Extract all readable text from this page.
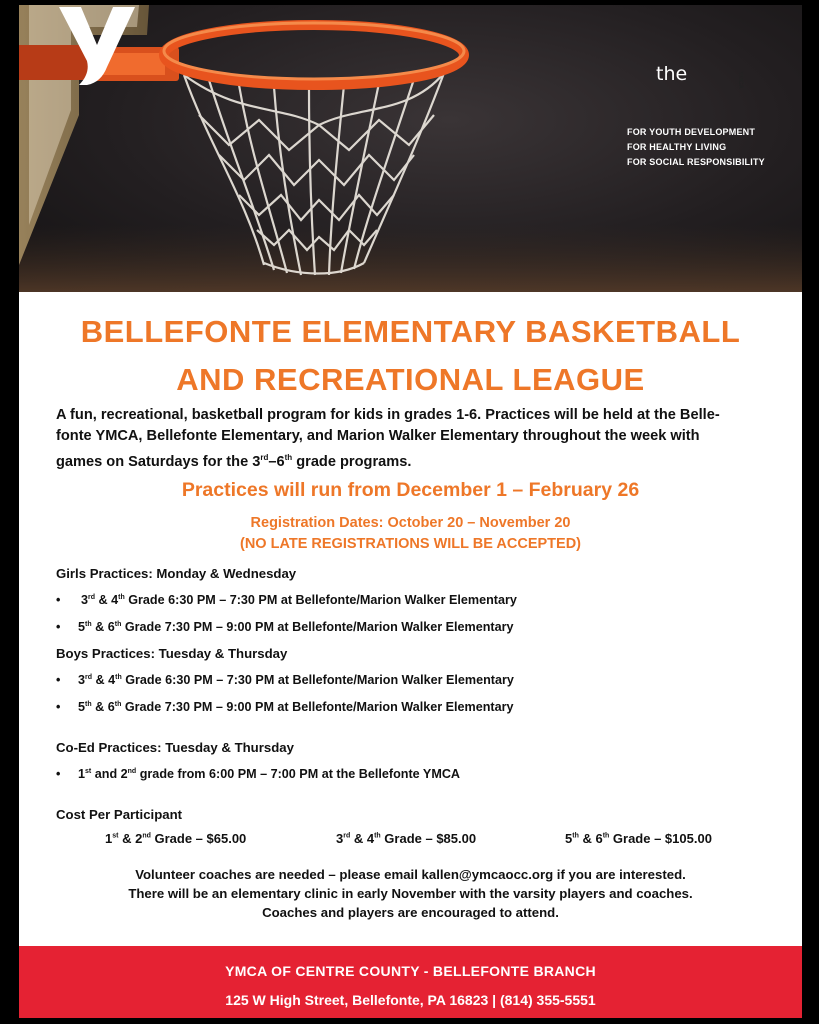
the	YMCA
FOR YOUTH DEVELOPMENT
FOR HEALTHY LIVING
FOR SOCIAL RESPONSIBILITY
BELLEFONTE ELEMENTARY BASKETBALL
AND RECREATIONAL LEAGUE
A fun, recreational, basketball program for kids in grades 1-6. Practices will be held at the Belle-
fonte YMCA, Bellefonte Elementary, and Marion Walker Elementary throughout the week with
games on Saturdays for the 3rd–6th grade programs.
Practices will run from December 1 – February 26
Registration Dates: October 20 – November 20
(NO LATE REGISTRATIONS WILL BE ACCEPTED)
Girls Practices: Monday & Wednesday
• 3rd & 4th Grade 6:30 PM – 7:30 PM at Bellefonte/Marion Walker Elementary
• 5th & 6th Grade 7:30 PM – 9:00 PM at Bellefonte/Marion Walker Elementary
Boys Practices: Tuesday & Thursday
• 3rd & 4th Grade 6:30 PM – 7:30 PM at Bellefonte/Marion Walker Elementary
• 5th & 6th Grade 7:30 PM – 9:00 PM at Bellefonte/Marion Walker Elementary
Co-Ed Practices: Tuesday & Thursday
• 1st and 2nd grade from 6:00 PM – 7:00 PM at the Bellefonte YMCA
Cost Per Participant
1st & 2nd Grade – $65.00	3rd & 4th Grade – $85.00	5th & 6th Grade – $105.00
Volunteer coaches are needed – please email kallen@ymcaocc.org if you are interested.
There will be an elementary clinic in early November with the varsity players and coaches.
Coaches and players are encouraged to attend.
YMCA OF CENTRE COUNTY - BELLEFONTE BRANCH
125 W High Street, Bellefonte, PA 16823 | (814) 355-5551
